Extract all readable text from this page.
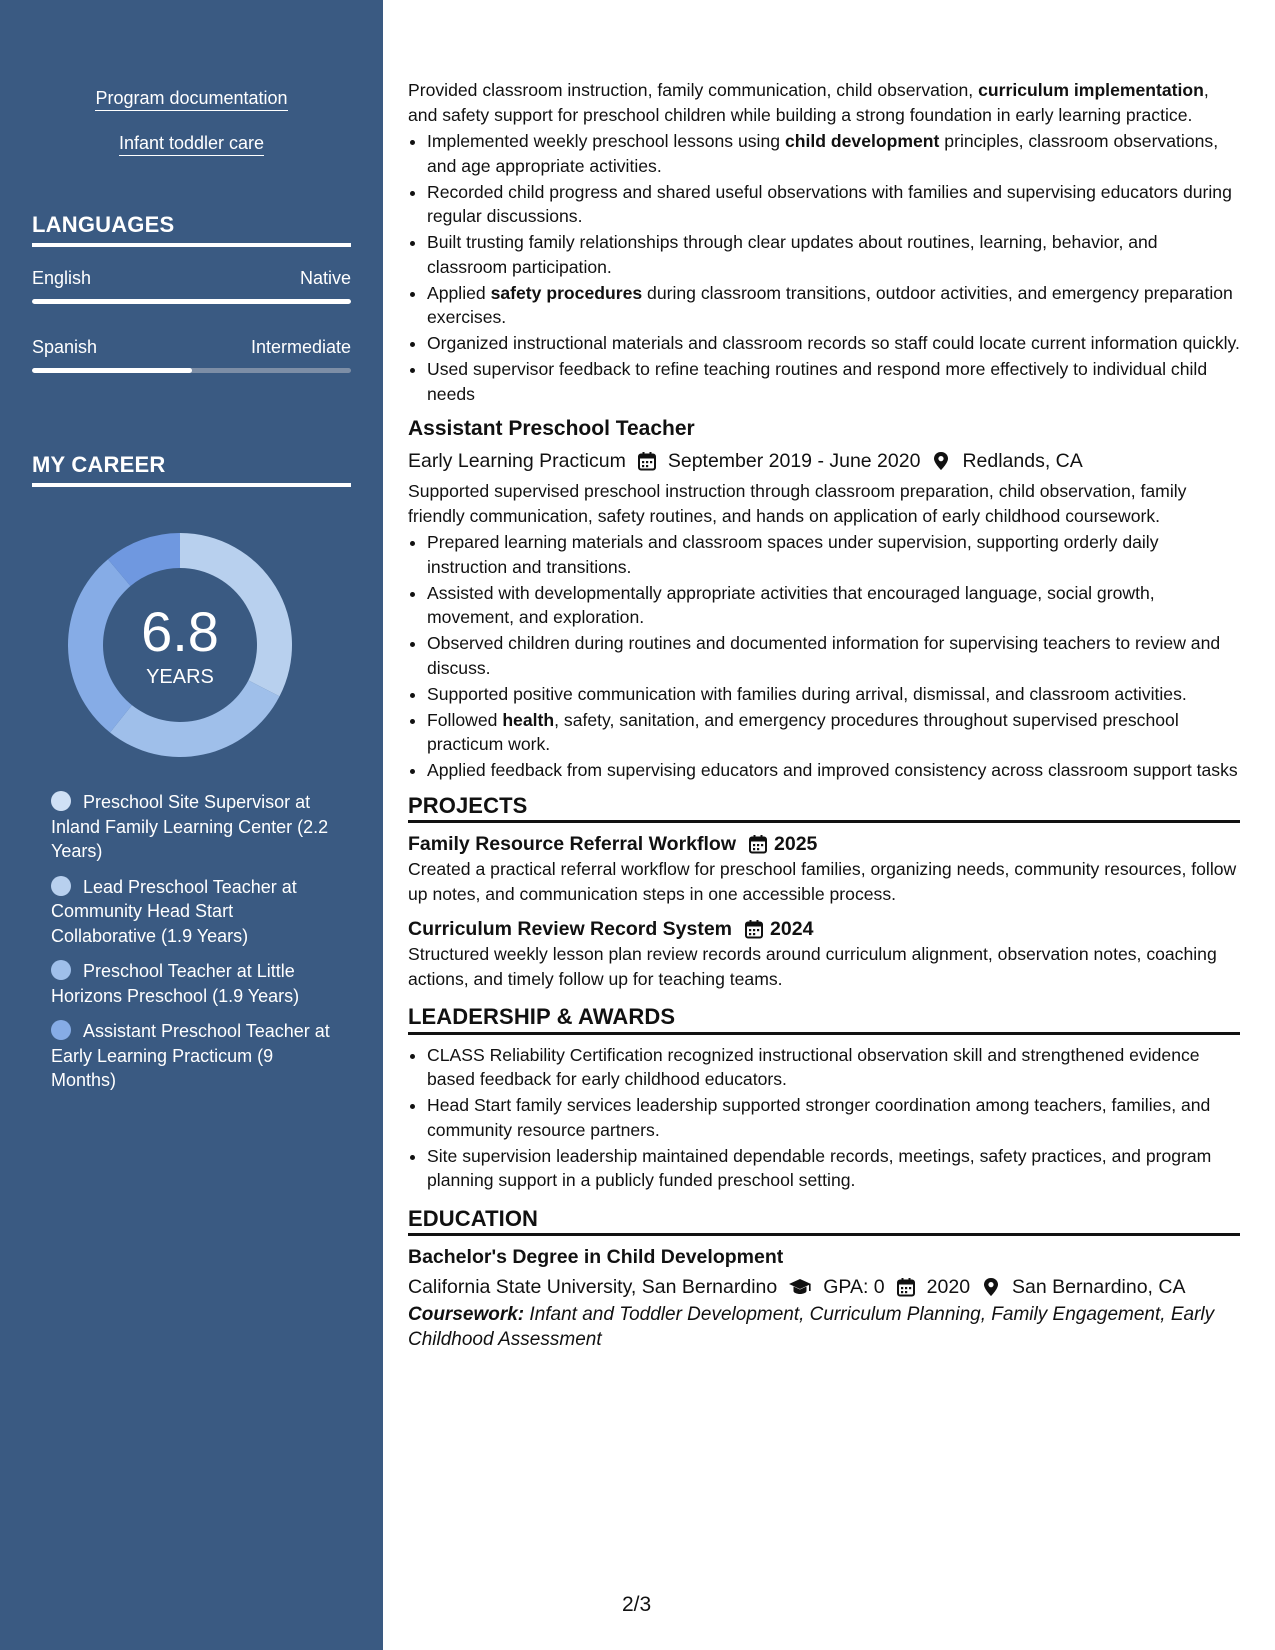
Program documentation
Infant toddler care
LANGUAGES
English	Native
Spanish	Intermediate
MY CAREER
6.8
YEARS
Preschool Site Supervisor at Inland Family Learning Center (2.2 Years)
Lead Preschool Teacher at Community Head Start Collaborative (1.9 Years)
Preschool Teacher at Little Horizons Preschool (1.9 Years)
Assistant Preschool Teacher at Early Learning Practicum (9 Months)

Provided classroom instruction, family communication, child observation, curriculum implementation, and safety support for preschool children while building a strong foundation in early learning practice.

• Implemented weekly preschool lessons using child development principles, classroom observations, and age appropriate activities.
• Recorded child progress and shared useful observations with families and supervising educators during regular discussions.
• Built trusting family relationships through clear updates about routines, learning, behavior, and classroom participation.
• Applied safety procedures during classroom transitions, outdoor activities, and emergency preparation exercises.
• Organized instructional materials and classroom records so staff could locate current information quickly.
• Used supervisor feedback to refine teaching routines and respond more effectively to individual child needs
Assistant Preschool Teacher
Early Learning Practicum September 2019 - June 2020 Redlands, CA

Supported supervised preschool instruction through classroom preparation, child observation, family friendly communication, safety routines, and hands on application of early childhood coursework.

• Prepared learning materials and classroom spaces under supervision, supporting orderly daily instruction and transitions.
• Assisted with developmentally appropriate activities that encouraged language, social growth, movement, and exploration.
• Observed children during routines and documented information for supervising teachers to review and discuss.
• Supported positive communication with families during arrival, dismissal, and classroom activities.
• Followed health, safety, sanitation, and emergency procedures throughout supervised preschool practicum work.
• Applied feedback from supervising educators and improved consistency across classroom support tasks
PROJECTS
Family Resource Referral Workflow 2025

Created a practical referral workflow for preschool families, organizing needs, community resources, follow up notes, and communication steps in one accessible process.

Curriculum Review Record System 2024

Structured weekly lesson plan review records around curriculum alignment, observation notes, coaching actions, and timely follow up for teaching teams.

LEADERSHIP & AWARDS
• CLASS Reliability Certification recognized instructional observation skill and strengthened evidence based feedback for early childhood educators.
• Head Start family services leadership supported stronger coordination among teachers, families, and community resource partners.
• Site supervision leadership maintained dependable records, meetings, safety practices, and program planning support in a publicly funded preschool setting.
EDUCATION
Bachelor's Degree in Child Development
California State University, San Bernardino GPA: 0 2020 San Bernardino, CA
Coursework: Infant and Toddler Development, Curriculum Planning, Family Engagement, Early Childhood Assessment
2/3
